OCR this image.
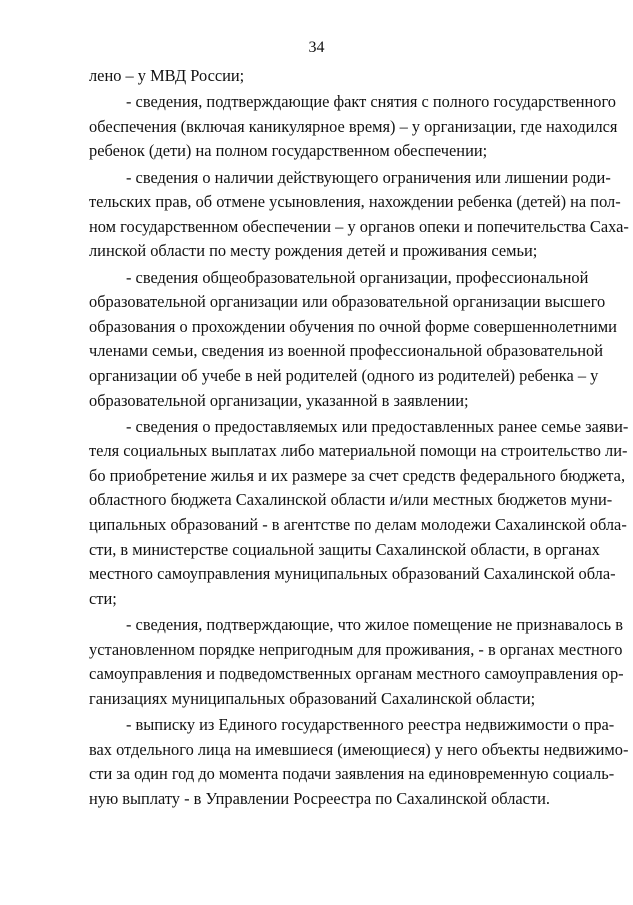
34
лено – у МВД России;
- сведения, подтверждающие факт снятия с полного государственного
обеспечения (включая каникулярное время) – у организации, где находился
ребенок (дети) на полном государственном обеспечении;
- сведения о наличии действующего ограничения или лишении роди-
тельских прав, об отмене усыновления, нахождении ребенка (детей) на пол-
ном государственном обеспечении – у органов опеки и попечительства Саха-
линской области по месту рождения детей и проживания семьи;
- сведения общеобразовательной организации, профессиональной
образовательной организации или образовательной организации высшего
образования о прохождении обучения по очной форме совершеннолетними
членами семьи, сведения из военной профессиональной образовательной
организации об учебе в ней родителей (одного из родителей) ребенка – у
образовательной организации, указанной в заявлении;
- сведения о предоставляемых или предоставленных ранее семье заяви-
теля социальных выплатах либо материальной помощи на строительство ли-
бо приобретение жилья и их размере за счет средств федерального бюджета,
областного бюджета Сахалинской области и/или местных бюджетов муни-
ципальных образований - в агентстве по делам молодежи Сахалинской обла-
сти, в министерстве социальной защиты Сахалинской области, в органах
местного самоуправления муниципальных образований Сахалинской обла-
сти;
- сведения, подтверждающие, что жилое помещение не признавалось в
установленном порядке непригодным для проживания, - в органах местного
самоуправления и подведомственных органам местного самоуправления ор-
ганизациях муниципальных образований Сахалинской области;
- выписку из Единого государственного реестра недвижимости о пра-
вах отдельного лица на имевшиеся (имеющиеся) у него объекты недвижимо-
сти за один год до момента подачи заявления на единовременную социаль-
ную выплату - в Управлении Росреестра по Сахалинской области.
